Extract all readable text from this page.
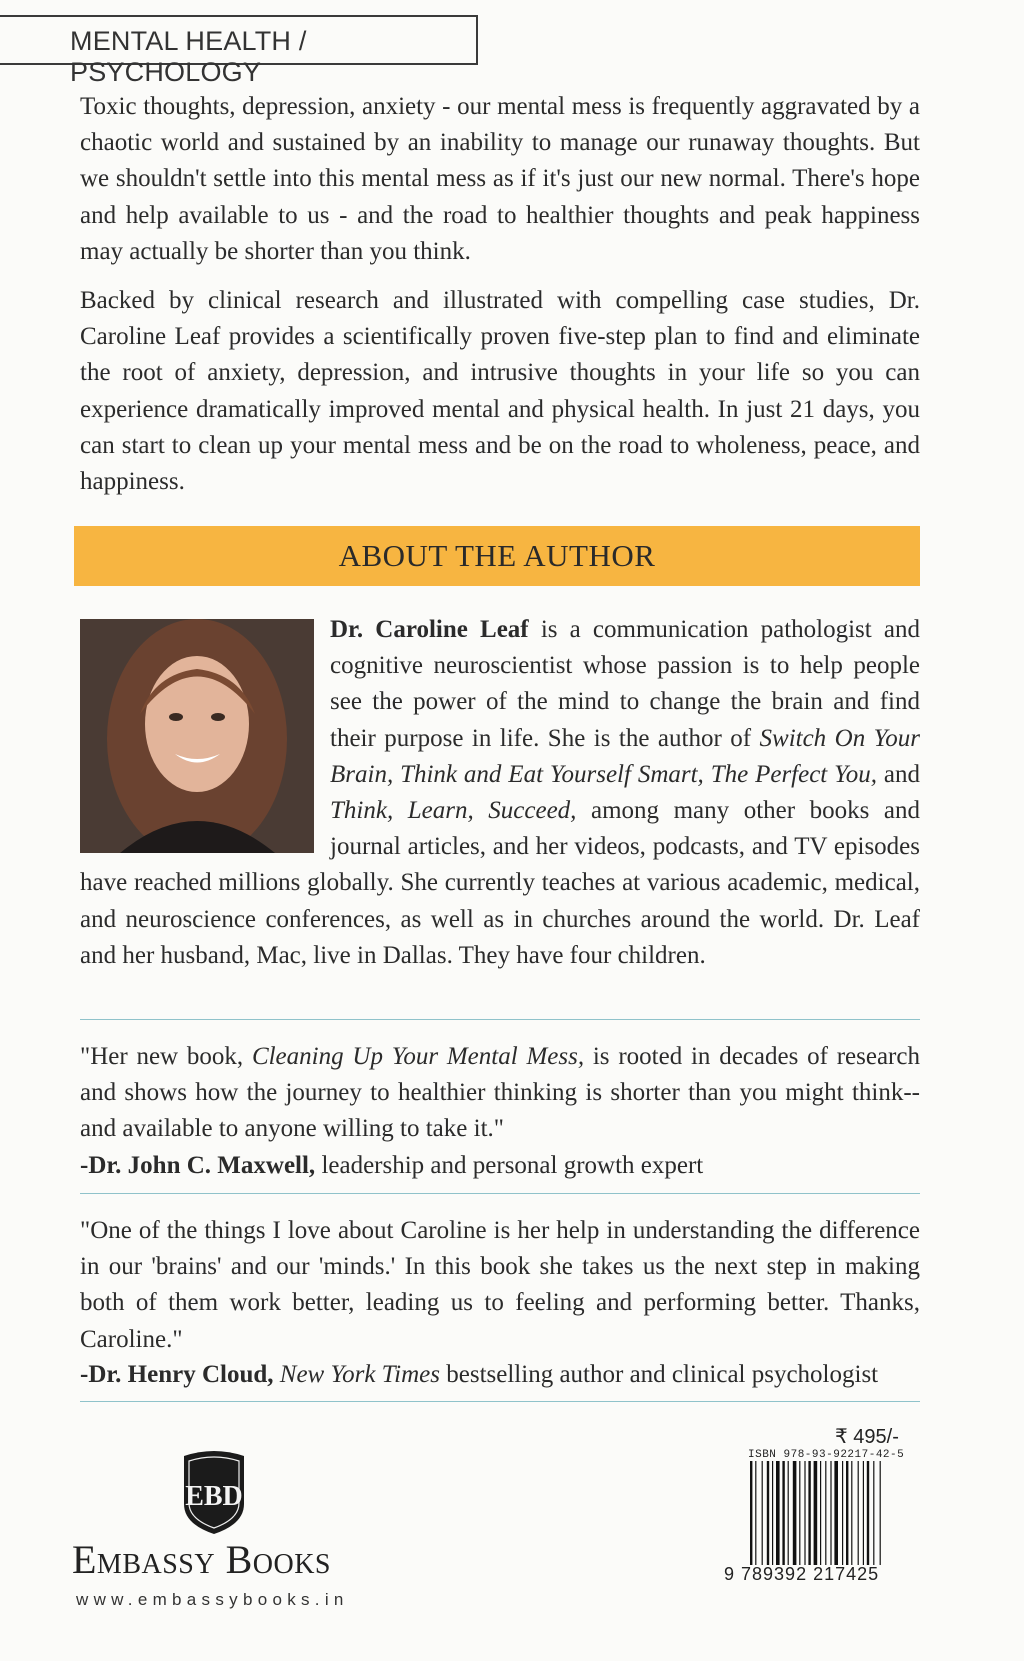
MENTAL HEALTH / PSYCHOLOGY

Toxic thoughts, depression, anxiety - our mental mess is frequently aggravated by a chaotic world and sustained by an inability to manage our runaway thoughts. But we shouldn't settle into this mental mess as if it's just our new normal. There's hope and help available to us - and the road to healthier thoughts and peak happiness may actually be shorter than you think.

Backed by clinical research and illustrated with compelling case studies, Dr. Caroline Leaf provides a scientifically proven five-step plan to find and eliminate the root of anxiety, depression, and intrusive thoughts in your life so you can experience dramatically improved mental and physical health. In just 21 days, you can start to clean up your mental mess and be on the road to wholeness, peace, and happiness.

ABOUT THE AUTHOR

Dr. Caroline Leaf is a communication pathologist and cognitive neuroscientist whose passion is to help people see the power of the mind to change the brain and find their purpose in life. She is the author of Switch On Your Brain, Think and Eat Yourself Smart, The Perfect You, and Think, Learn, Succeed, among many other books and journal articles, and her videos, podcasts, and TV episodes have reached millions globally. She currently teaches at various academic, medical, and neuroscience conferences, as well as in churches around the world. Dr. Leaf and her husband, Mac, live in Dallas. They have four children.

"Her new book, Cleaning Up Your Mental Mess, is rooted in decades of research and shows how the journey to healthier thinking is shorter than you might think--and available to anyone willing to take it."

-Dr. John C. Maxwell, leadership and personal growth expert

"One of the things I love about Caroline is her help in understanding the difference in our 'brains' and our 'minds.' In this book she takes us the next step in making both of them work better, leading us to feeling and performing better. Thanks, Caroline."

-Dr. Henry Cloud, New York Times bestselling author and clinical psychologist

EBD
Embassy Books
www.embassybooks.in
₹ 495/-
ISBN 978-93-92217-42-5
9 789392 217425
